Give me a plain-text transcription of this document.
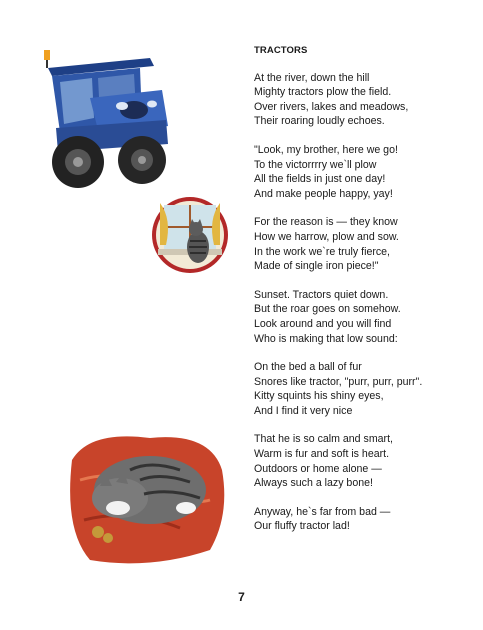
TRACTORS
At the river, down the hill
Mighty tractors plow the field.
Over rivers, lakes and meadows,
Their roaring loudly echoes.
"Look, my brother, here we go!
To the victorrrry we`ll plow
All the fields in just one day!
And make people happy, yay!
For the reason is — they know
How we harrow, plow and sow.
In the work we`re truly fierce,
Made of single iron piece!"
Sunset. Tractors quiet down.
But the roar goes on somehow.
Look around and you will find
Who is making that low sound:
On the bed a ball of fur
Snores like tractor, "purr, purr, purr".
Kitty squints his shiny eyes,
And I find it very nice
That he is so calm and smart,
Warm is fur and soft is heart.
Outdoors or home alone —
Always such a lazy bone!
Anyway, he`s far from bad —
Our fluffy tractor lad!
7
